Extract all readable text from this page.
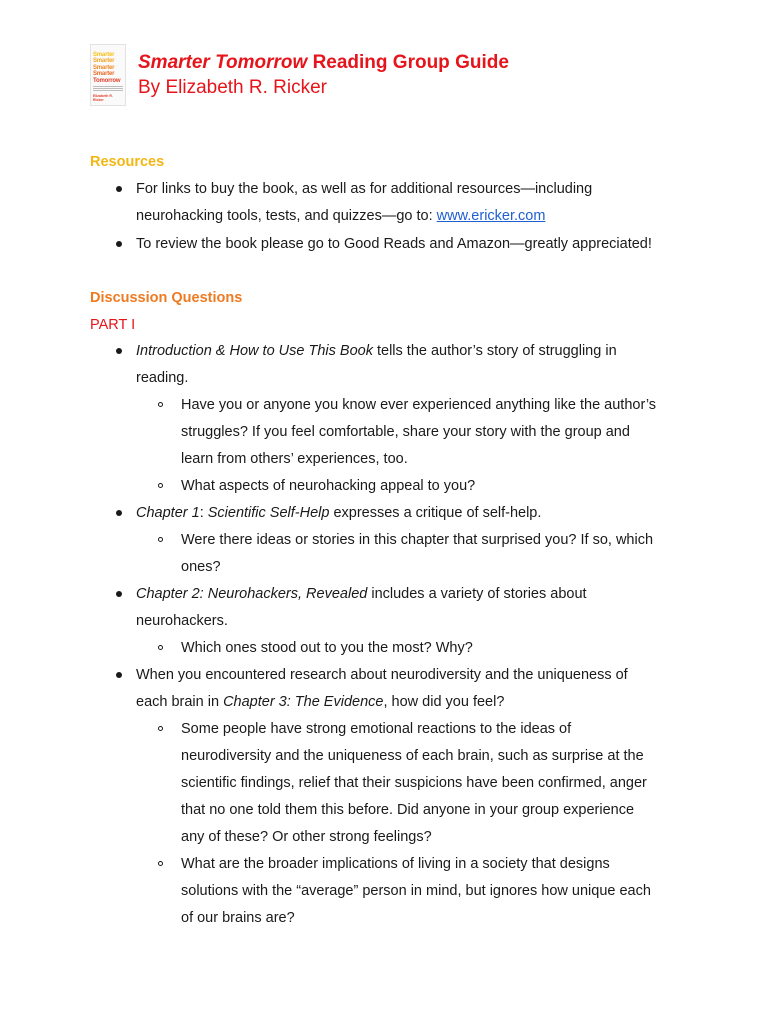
Smarter
Smarter
Smarter
Smarter
Tomorrow
Elizabeth R. Ricker
Smarter Tomorrow Reading Group Guide
By Elizabeth R. Ricker
Resources
For links to buy the book, as well as for additional resources—including
neurohacking tools, tests, and quizzes—go to: www.ericker.com
To review the book please go to Good Reads and Amazon—greatly appreciated!
Discussion Questions
PART I
Introduction & How to Use This Book tells the author’s story of struggling in
reading.
Have you or anyone you know ever experienced anything like the author’s
struggles? If you feel comfortable, share your story with the group and
learn from others’ experiences, too.
What aspects of neurohacking appeal to you?
Chapter 1: Scientific Self-Help expresses a critique of self-help.
Were there ideas or stories in this chapter that surprised you? If so, which
ones?
Chapter 2: Neurohackers, Revealed includes a variety of stories about
neurohackers.
Which ones stood out to you the most? Why?
When you encountered research about neurodiversity and the uniqueness of
each brain in Chapter 3: The Evidence, how did you feel?
Some people have strong emotional reactions to the ideas of
neurodiversity and the uniqueness of each brain, such as surprise at the
scientific findings, relief that their suspicions have been confirmed, anger
that no one told them this before. Did anyone in your group experience
any of these? Or other strong feelings?
What are the broader implications of living in a society that designs
solutions with the “average” person in mind, but ignores how unique each
of our brains are?
